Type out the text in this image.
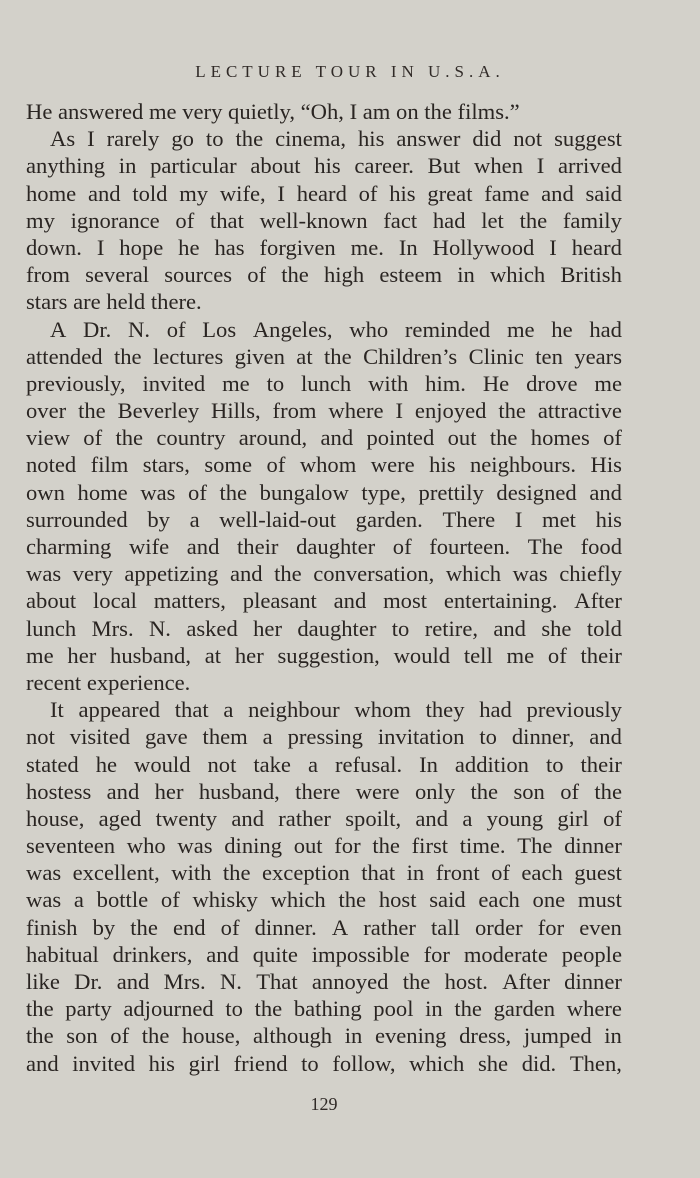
LECTURE TOUR IN U.S.A.
He answered me very quietly, “Oh, I am on the films.”
As I rarely go to the cinema, his answer did not suggest
anything in particular about his career. But when I arrived
home and told my wife, I heard of his great fame and said
my ignorance of that well-known fact had let the family
down. I hope he has forgiven me. In Hollywood I heard
from several sources of the high esteem in which British
stars are held there.
A Dr. N. of Los Angeles, who reminded me he had
attended the lectures given at the Children’s Clinic ten years
previously, invited me to lunch with him. He drove me
over the Beverley Hills, from where I enjoyed the attractive
view of the country around, and pointed out the homes of
noted film stars, some of whom were his neighbours. His
own home was of the bungalow type, prettily designed and
surrounded by a well-laid-out garden. There I met his
charming wife and their daughter of fourteen. The food
was very appetizing and the conversation, which was chiefly
about local matters, pleasant and most entertaining. After
lunch Mrs. N. asked her daughter to retire, and she told
me her husband, at her suggestion, would tell me of their
recent experience.
It appeared that a neighbour whom they had previously
not visited gave them a pressing invitation to dinner, and
stated he would not take a refusal. In addition to their
hostess and her husband, there were only the son of the
house, aged twenty and rather spoilt, and a young girl of
seventeen who was dining out for the first time. The dinner
was excellent, with the exception that in front of each guest
was a bottle of whisky which the host said each one must
finish by the end of dinner. A rather tall order for even
habitual drinkers, and quite impossible for moderate people
like Dr. and Mrs. N. That annoyed the host. After dinner
the party adjourned to the bathing pool in the garden where
the son of the house, although in evening dress, jumped in
and invited his girl friend to follow, which she did. Then,
129
